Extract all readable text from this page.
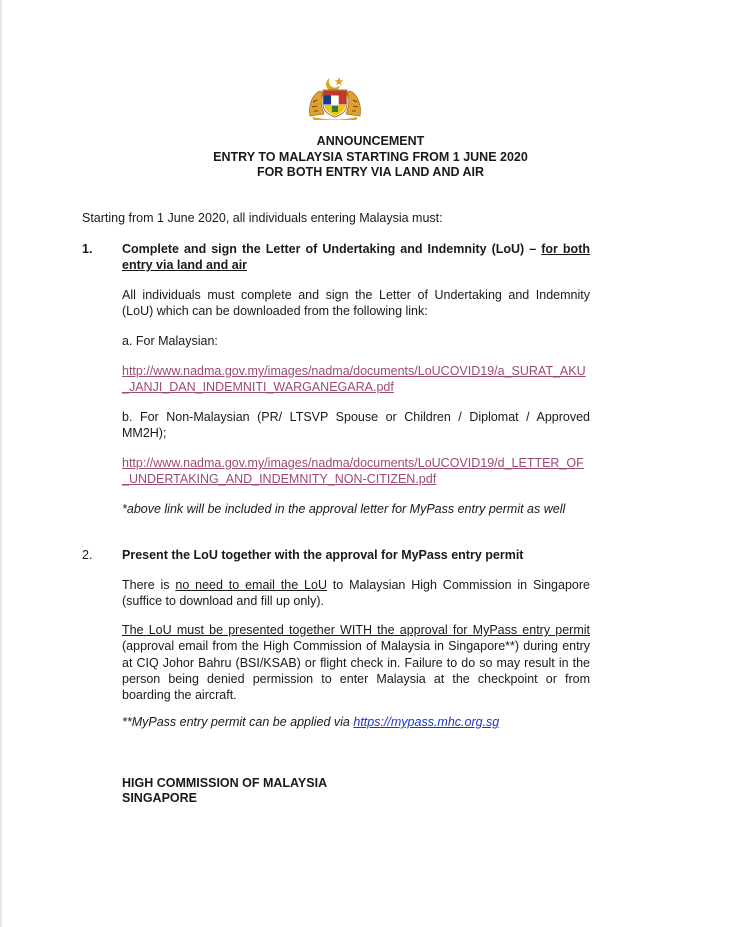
ANNOUNCEMENT
ENTRY TO MALAYSIA STARTING FROM 1 JUNE 2020
FOR BOTH ENTRY VIA LAND AND AIR
Starting from 1 June 2020, all individuals entering Malaysia must:
1. Complete and sign the Letter of Undertaking and Indemnity (LoU) – for both entry via land and air
All individuals must complete and sign the Letter of Undertaking and Indemnity (LoU) which can be downloaded from the following link:
a. For Malaysian:
http://www.nadma.gov.my/images/nadma/documents/LoUCOVID19/a_SURAT_AKU_JANJI_DAN_INDEMNITI_WARGANEGARA.pdf
b. For Non-Malaysian (PR/ LTSVP Spouse or Children / Diplomat / Approved MM2H);
http://www.nadma.gov.my/images/nadma/documents/LoUCOVID19/d_LETTER_OF_UNDERTAKING_AND_INDEMNITY_NON-CITIZEN.pdf
*above link will be included in the approval letter for MyPass entry permit as well
2. Present the LoU together with the approval for MyPass entry permit
There is no need to email the LoU to Malaysian High Commission in Singapore (suffice to download and fill up only).
The LoU must be presented together WITH the approval for MyPass entry permit (approval email from the High Commission of Malaysia in Singapore**) during entry at CIQ Johor Bahru (BSI/KSAB) or flight check in. Failure to do so may result in the person being denied permission to enter Malaysia at the checkpoint or from boarding the aircraft.
**MyPass entry permit can be applied via https://mypass.mhc.org.sg
HIGH COMMISSION OF MALAYSIA
SINGAPORE
